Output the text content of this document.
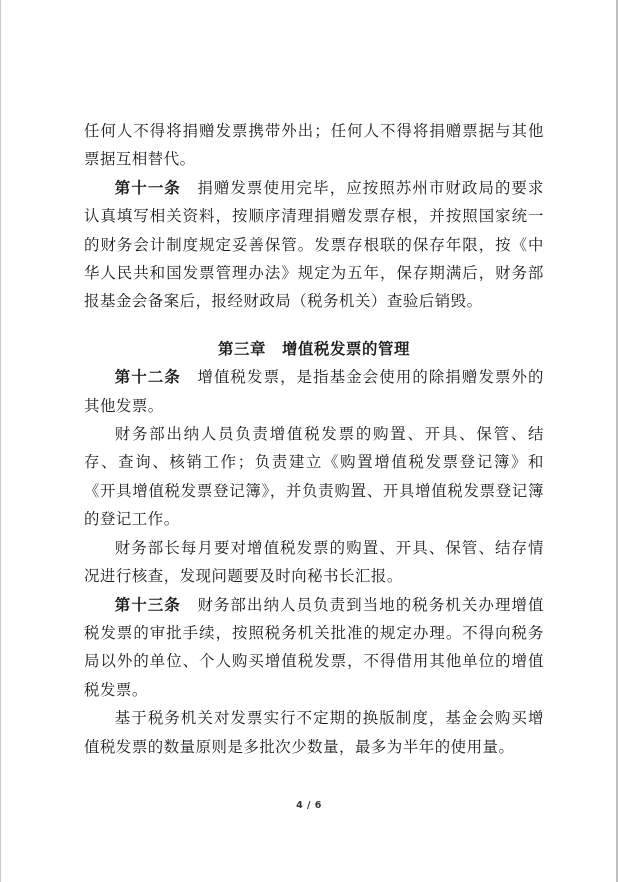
任何人不得将捐赠发票携带外出；任何人不得将捐赠票据与其他票据互相替代。

第十一条  捐赠发票使用完毕，应按照苏州市财政局的要求认真填写相关资料，按顺序清理捐赠发票存根，并按照国家统一的财务会计制度规定妥善保管。发票存根联的保存年限，按《中华人民共和国发票管理办法》规定为五年，保存期满后，财务部报基金会备案后，报经财政局（税务机关）查验后销毁。

第三章　增值税发票的管理

第十二条  增值税发票，是指基金会使用的除捐赠发票外的其他发票。

财务部出纳人员负责增值税发票的购置、开具、保管、结存、查询、核销工作；负责建立《购置增值税发票登记簿》和《开具增值税发票登记簿》，并负责购置、开具增值税发票登记簿的登记工作。

财务部长每月要对增值税发票的购置、开具、保管、结存情况进行核查，发现问题要及时向秘书长汇报。

第十三条  财务部出纳人员负责到当地的税务机关办理增值税发票的审批手续，按照税务机关批准的规定办理。不得向税务局以外的单位、个人购买增值税发票，不得借用其他单位的增值税发票。

基于税务机关对发票实行不定期的换版制度，基金会购买增值税发票的数量原则是多批次少数量，最多为半年的使用量。

4 / 6
